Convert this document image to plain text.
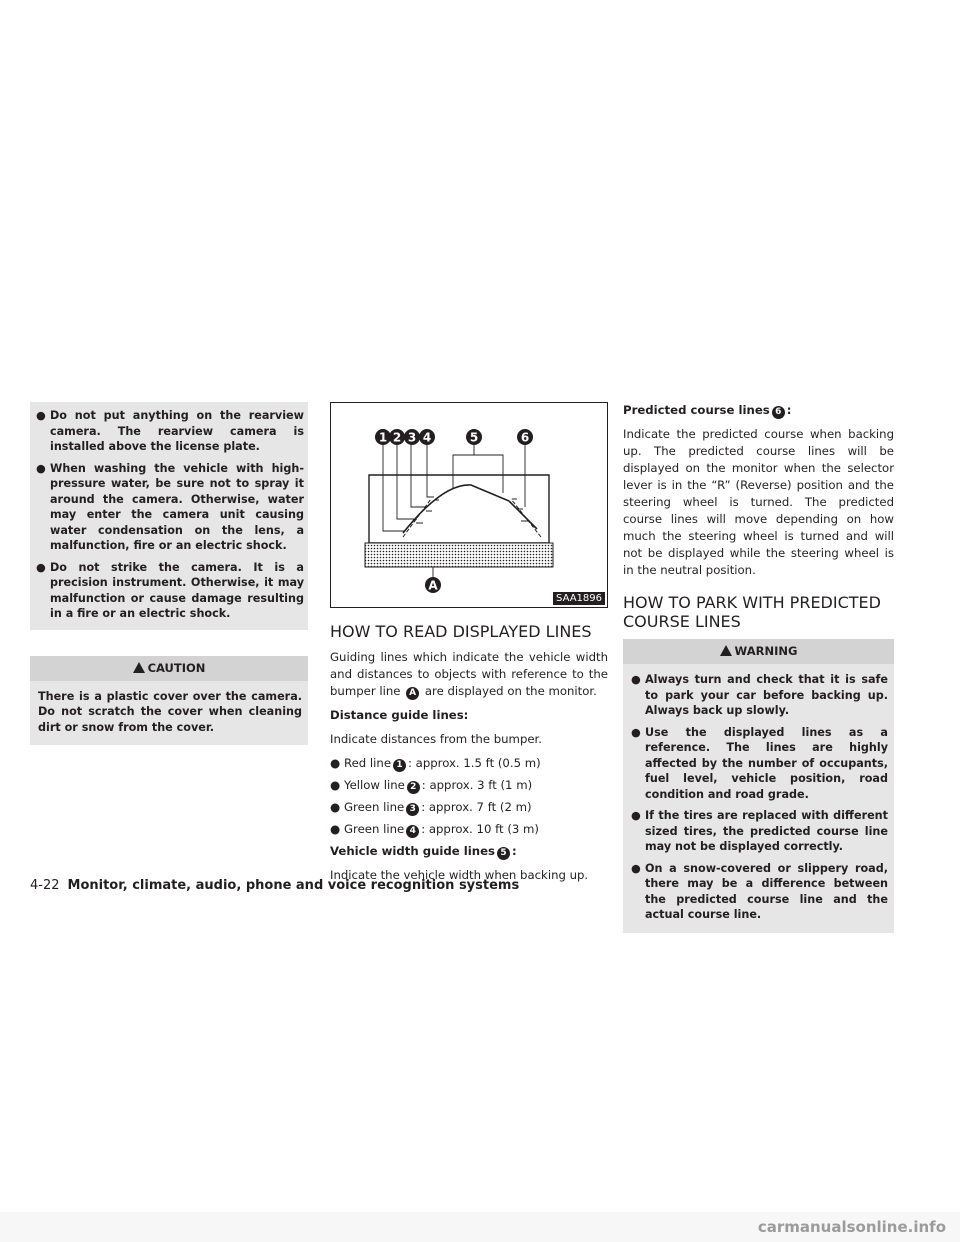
● Do not put anything on the rearview camera. The rearview camera is installed above the license plate.
● When washing the vehicle with high-pressure water, be sure not to spray it around the camera. Otherwise, water may enter the camera unit causing water condensation on the lens, a malfunction, fire or an electric shock.
● Do not strike the camera. It is a precision instrument. Otherwise, it may malfunction or cause damage resulting in a fire or an electric shock.
CAUTION
There is a plastic cover over the camera. Do not scratch the cover when cleaning dirt or snow from the cover.
1 2 3 4	5	6
A
SAA1896
HOW TO READ DISPLAYED LINES

Guiding lines which indicate the vehicle width and distances to objects with reference to the bumper line A are displayed on the monitor.

Distance guide lines:

Indicate distances from the bumper.

● Red line 1 : approx. 1.5 ft (0.5 m)
● Yellow line 2 : approx. 3 ft (1 m)
● Green line 3 : approx. 7 ft (2 m)
● Green line 4 : approx. 10 ft (3 m)

Vehicle width guide lines 5 :

Indicate the vehicle width when backing up.

Predicted course lines 6 :

Indicate the predicted course when backing up. The predicted course lines will be displayed on the monitor when the selector lever is in the “R” (Reverse) position and the steering wheel is turned. The predicted course lines will move depending on how much the steering wheel is turned and will not be displayed while the steering wheel is in the neutral position.

HOW TO PARK WITH PREDICTED COURSE LINES
WARNING
● Always turn and check that it is safe to park your car before backing up. Always back up slowly.
● Use the displayed lines as a reference. The lines are highly affected by the number of occupants, fuel level, vehicle position, road condition and road grade.
● If the tires are replaced with different sized tires, the predicted course line may not be displayed correctly.
● On a snow-covered or slippery road, there may be a difference between the predicted course line and the actual course line.
4-22 Monitor, climate, audio, phone and voice recognition systems
carmanualsonline.info
